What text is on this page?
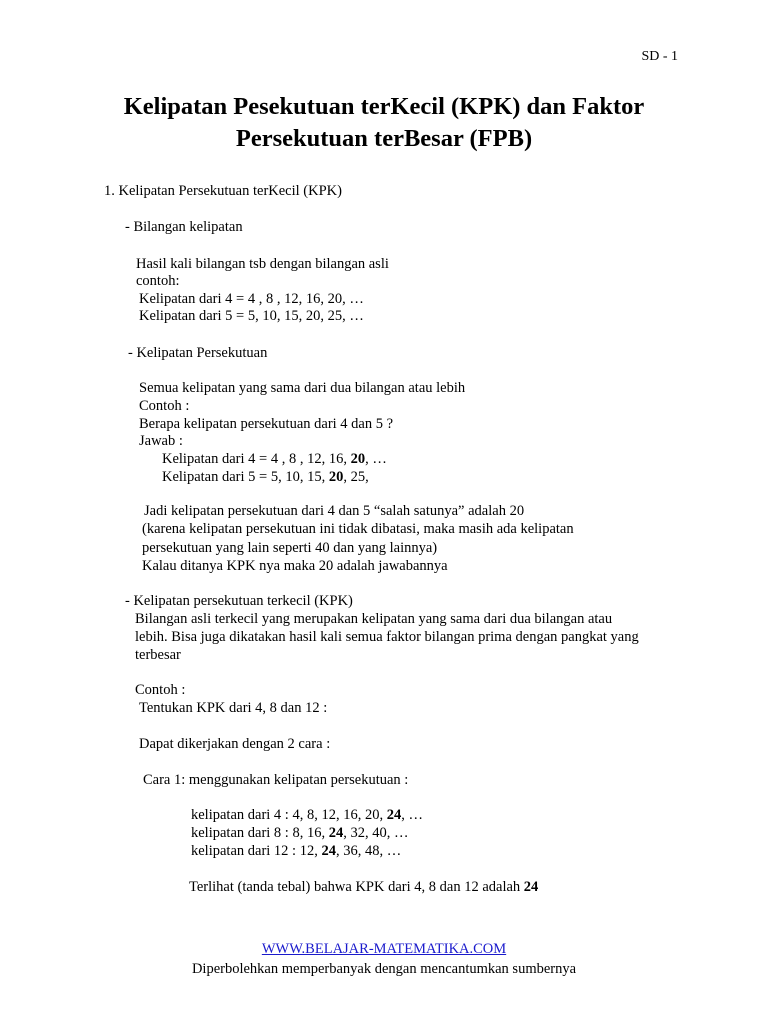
SD - 1
Kelipatan Pesekutuan terKecil (KPK) dan Faktor
Persekutuan terBesar (FPB)
1. Kelipatan Persekutuan terKecil (KPK)
- Bilangan kelipatan
Hasil kali bilangan tsb dengan bilangan asli
contoh:
Kelipatan dari 4 = 4 , 8 , 12, 16, 20, …
Kelipatan dari 5 = 5, 10, 15, 20, 25, …
- Kelipatan Persekutuan
Semua kelipatan yang sama dari dua bilangan atau lebih
Contoh :
Berapa kelipatan persekutuan dari 4 dan 5 ?
Jawab :
Kelipatan dari 4 = 4 , 8 , 12, 16, 20, …
Kelipatan dari 5 = 5, 10, 15, 20, 25,
Jadi kelipatan persekutuan dari 4 dan 5 “salah satunya” adalah 20
(karena kelipatan persekutuan ini tidak dibatasi, maka masih ada kelipatan
persekutuan yang lain seperti 40 dan yang lainnya)
Kalau ditanya KPK nya maka 20 adalah jawabannya
- Kelipatan persekutuan terkecil (KPK)
Bilangan asli terkecil yang merupakan kelipatan yang sama dari dua bilangan atau
lebih. Bisa juga dikatakan hasil kali semua faktor bilangan prima dengan pangkat yang
terbesar
Contoh :
Tentukan KPK dari 4, 8 dan 12 :
Dapat dikerjakan dengan 2 cara :
Cara 1: menggunakan kelipatan persekutuan :
kelipatan dari 4 : 4, 8, 12, 16, 20, 24, …
kelipatan dari 8 : 8, 16, 24, 32, 40, …
kelipatan dari 12 : 12, 24, 36, 48, …
Terlihat (tanda tebal) bahwa KPK dari 4, 8 dan 12 adalah 24
WWW.BELAJAR-MATEMATIKA.COM
Diperbolehkan memperbanyak dengan mencantumkan sumbernya
